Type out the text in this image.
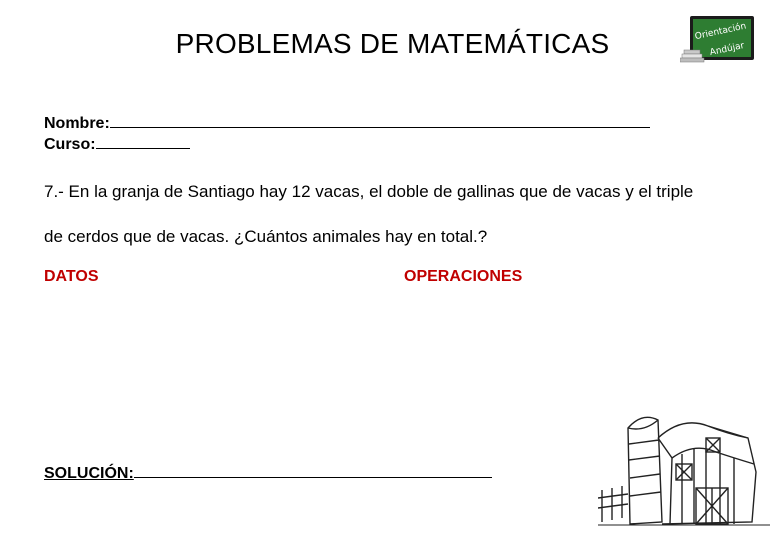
PROBLEMAS DE MATEMÁTICAS	Orientación
Andújar
Nombre:
Curso:
7.- En la granja de Santiago hay 12 vacas, el doble de gallinas que de vacas y el triple
de cerdos que de vacas. ¿Cuántos animales hay en total.?
DATOS	OPERACIONES
SOLUCIÓN:
